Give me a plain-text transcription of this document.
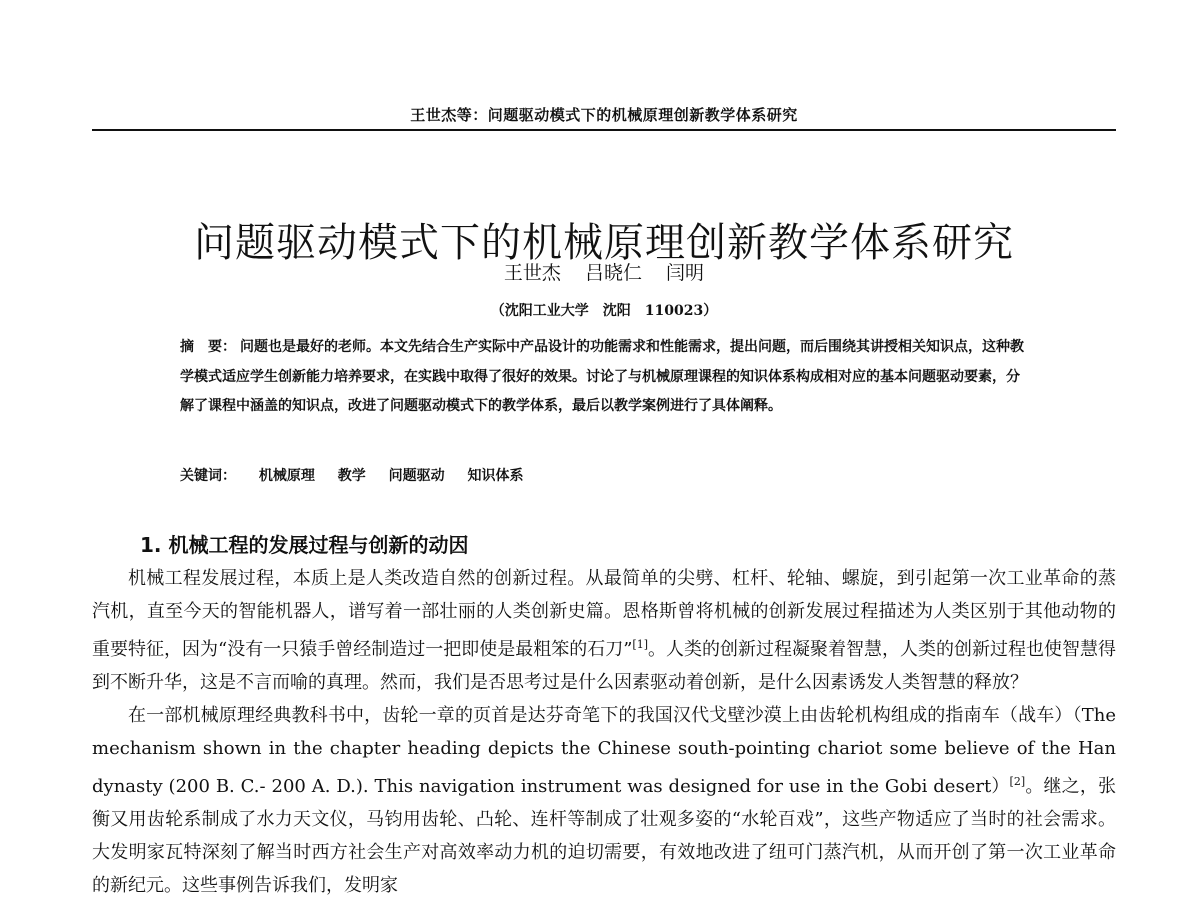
王世杰等：问题驱动模式下的机械原理创新教学体系研究
问题驱动模式下的机械原理创新教学体系研究
王世杰 吕晓仁 闫明
（沈阳工业大学　沈阳　110023）
摘　要： 问题也是最好的老师。本文先结合生产实际中产品设计的功能需求和性能需求，提出问题，而后围绕其讲授相关知识点，这种教学模式适应学生创新能力培养要求，在实践中取得了很好的效果。讨论了与机械原理课程的知识体系构成相对应的基本问题驱动要素，分解了课程中涵盖的知识点，改进了问题驱动模式下的教学体系，最后以教学案例进行了具体阐释。
关键词： 机械原理 教学 问题驱动 知识体系
1. 机械工程的发展过程与创新的动因

机械工程发展过程，本质上是人类改造自然的创新过程。从最简单的尖劈、杠杆、轮轴、螺旋，到引起第一次工业革命的蒸汽机，直至今天的智能机器人，谱写着一部壮丽的人类创新史篇。恩格斯曾将机械的创新发展过程描述为人类区别于其他动物的重要特征，因为“没有一只猿手曾经制造过一把即使是最粗笨的石刀”[1]。人类的创新过程凝聚着智慧，人类的创新过程也使智慧得到不断升华，这是不言而喻的真理。然而，我们是否思考过是什么因素驱动着创新，是什么因素诱发人类智慧的释放？

在一部机械原理经典教科书中，齿轮一章的页首是达芬奇笔下的我国汉代戈壁沙漠上由齿轮机构组成的指南车（战车）（The mechanism shown in the chapter heading depicts the Chinese south-pointing chariot some believe of the Han dynasty (200 B. C.- 200 A. D.). This navigation instrument was designed for use in the Gobi desert）[2]。继之，张衡又用齿轮系制成了水力天文仪，马钧用齿轮、凸轮、连杆等制成了壮观多姿的“水轮百戏”，这些产物适应了当时的社会需求。大发明家瓦特深刻了解当时西方社会生产对高效率动力机的迫切需要，有效地改进了纽可门蒸汽机，从而开创了第一次工业革命的新纪元。这些事例告诉我们，发明家
